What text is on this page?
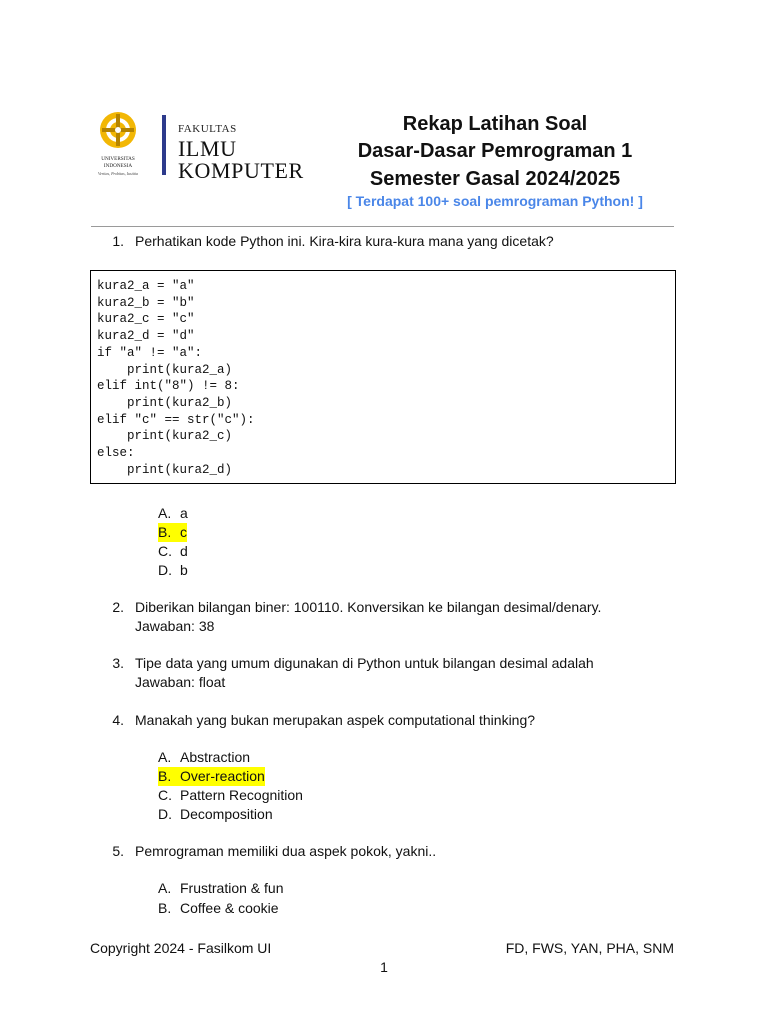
UNIVERSITAS
INDONESIA
Veritas, Probitas, Iustitia
FAKULTAS
ILMU
KOMPUTER
Rekap Latihan Soal
Dasar-Dasar Pemrograman 1
Semester Gasal 2024/2025
[ Terdapat 100+ soal pemrograman Python! ]
1. Perhatikan kode Python ini. Kira-kira kura-kura mana yang dicetak?
kura2_a = "a"
kura2_b = "b"
kura2_c = "c"
kura2_d = "d"
if "a" != "a":
print(kura2_a)
elif int("8") != 8:
print(kura2_b)
elif "c" == str("c"):
print(kura2_c)
else:
print(kura2_d)
A. a
B. c
C. d
D. b
2. Diberikan bilangan biner: 100110. Konversikan ke bilangan desimal/denary.
Jawaban: 38
3. Tipe data yang umum digunakan di Python untuk bilangan desimal adalah
Jawaban: float
4. Manakah yang bukan merupakan aspek computational thinking?
A. Abstraction
B. Over-reaction
C. Pattern Recognition
D. Decomposition
5. Pemrograman memiliki dua aspek pokok, yakni..
A. Frustration & fun
B. Coffee & cookie
Copyright 2024 - Fasilkom UI	FD, FWS, YAN, PHA, SNM
1
